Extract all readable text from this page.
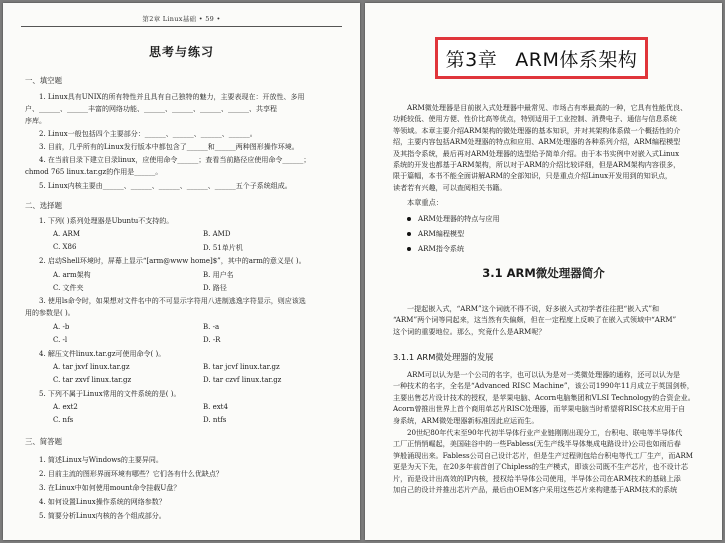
第2章 Linux基础 • 59 •
思考与练习
一、填空题
1. Linux具有UNIX的所有特性并且具有自己独特的魅力，主要表现在：开放性、多用
户、______、______丰富的网络功能、______、______、______、______、共享程
序库。
2. Linux一般包括四个主要部分：______、______、______、______。
3. 目前，几乎所有的Linux发行版本中都包含了______和______两种图形操作环境。
4. 在当前目录下建立目录linux，应使用命令______；查看当前路径应使用命令______；
chmod 765 linux.tar.gz的作用是______。
5. Linux内核主要由______、______、______、______、______五个子系统组成。
二、选择题
1. 下列( )系列处理器是Ubuntu不支持的。
A. ARM	B. AMD
C. X86	D. 51单片机
2. 启动Shell环境时，屏幕上显示“[arm@www home]$”，其中的arm的意义是( )。
A. arm架构	B. 用户名
C. 文件夹	D. 路径
3. 使用ls命令时，如果想对文件名中的不可显示字符用八进制逃逸字符显示，则应该选
用的参数是( )。
A. -b	B. -a
C. -l	D. -R
4. 解压文件linux.tar.gz可使用命令( )。
A. tar jxvf linux.tar.gz	B. tar jcvf linux.tar.gz
C. tar zxvf linux.tar.gz	D. tar czvf linux.tar.gz
5. 下列不属于Linux常用的文件系统的是( )。
A. ext2	B. ext4
C. nfs	D. ntfs
三、简答题
1. 简述Linux与Windows的主要异同。
2. 目前主流的图形界面环境有哪些？它们各有什么优缺点？
3. 在Linux中如何使用mount命令挂载U盘？
4. 如何设置Linux操作系统的网络参数？
5. 简要分析Linux内核的各个组成部分。
第3章 ARM体系架构
ARM微处理器是目前嵌入式处理器中最常见、市场占有率最高的一种，它具有性能优良、
功耗较低、使用方便、性价比高等优点，特别适用于工业控制、消费电子、通信与信息系统
等领域。本章主要介绍ARM架构的微处理器的基本知识，并对其架构体系做一个概括性的介
绍，主要内容包括ARM处理器的特点和应用、ARM处理器的各种系列介绍，ARM编程模型
及其指令系统，最后再对ARM处理器的选型给予简单介绍。由于本书实例中对嵌入式Linux
系统的开发也都基于ARM架构，所以对于ARM的介绍比较详细，但是ARM架构内容很多，
限于篇幅，本书不能全面讲解ARM的全部知识，只是重点介绍Linux开发用到的知识点，
读者若有兴趣，可以查阅相关书籍。
本章重点：
ARM处理器的特点与应用
ARM编程模型
ARM指令系统
3.1 ARM微处理器简介
一提起嵌入式，“ARM”这个词就不得不说，好多嵌入式初学者往往把“嵌入式”和
“ARM”两个词等同起来，这当然有失偏颇，但在一定程度上反映了在嵌入式领域中“ARM”
这个词的重要地位。那么，究竟什么是ARM呢？
3.1.1 ARM微处理器的发展
ARM可以认为是一个公司的名字，也可以认为是对一类微处理器的通称，还可以认为是
一种技术的名字，全名是“Advanced RISC Machine”，该公司1990年11月成立于英国剑桥，
主要出售芯片设计技术的授权，是苹果电脑、Acorn电脑集团和VLSI Technology的合资企业。
Acorn曾推出世界上首个商用单芯片RISC处理器，而苹果电脑当时希望将RISC技术应用于自
身系统，ARM微处理器新标准因此应运而生。
20世纪80年代末至90年代初半导体行业产业链刚刚出现分工，台积电、联电等半导体代
工厂正悄悄崛起，美国硅谷中的一些Fabless(无生产线半导体集成电路设计)公司也如雨后春
笋般涌现出来。Fabless公司自己设计芯片，但是生产过程则包给台积电等代工厂生产，而ARM
更是为天下先，在20多年前首创了Chipless的生产模式，即该公司既不生产芯片，也不设计芯
片，而是设计出高效的IP内核，授权给半导体公司使用，半导体公司在ARM技术的基础上添
加自己的设计并推出芯片产品，最后由OEM客户采用这些芯片来构建基于ARM技术的系统
